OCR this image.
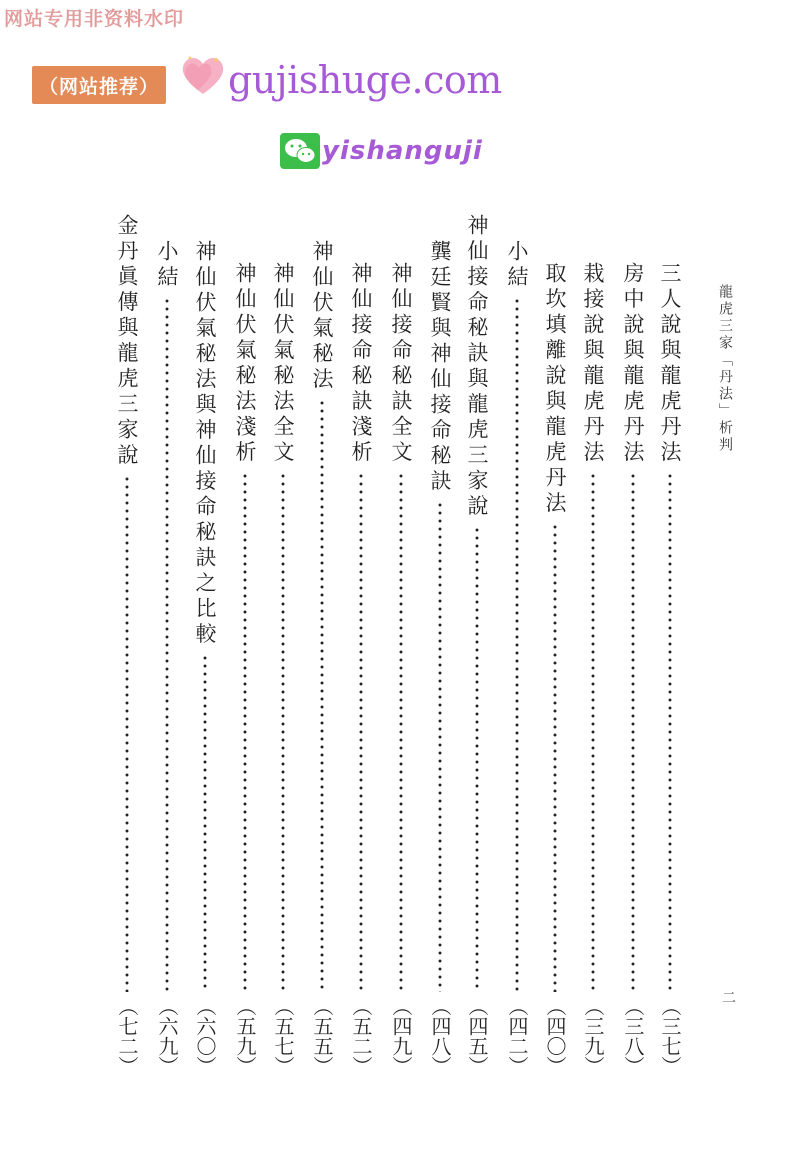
网站专用非资料水印
（网站推荐） gujishuge.com
yishanguji
龍虎三家「丹法」析判
二
三人說與龍虎丹法
（三七）
房中說與龍虎丹法
（三八）
栽接說與龍虎丹法
（三九）
取坎填離說與龍虎丹法
（四〇）
小結
（四二）
神仙接命秘訣與龍虎三家說
（四五）
龔廷賢與神仙接命秘訣
（四八）
神仙接命秘訣全文
（四九）
神仙接命秘訣淺析
（五二）
神仙伏氣秘法
（五五）
神仙伏氣秘法全文
（五七）
神仙伏氣秘法淺析
（五九）
神仙伏氣秘法與神仙接命秘訣之比較
（六〇）
小結
（六九）
金丹眞傳與龍虎三家說
（七二）
